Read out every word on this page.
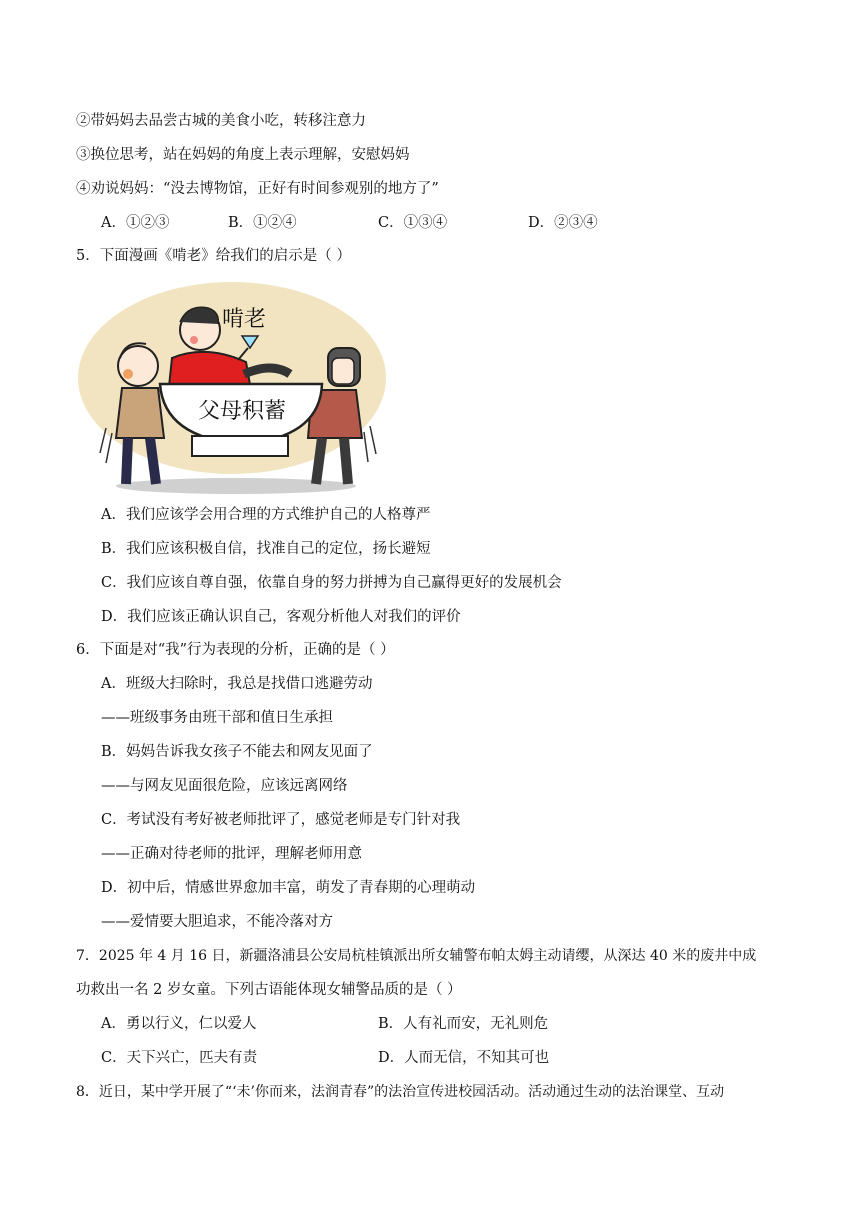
②带妈妈去品尝古城的美食小吃，转移注意力
③换位思考，站在妈妈的角度上表示理解，安慰妈妈
④劝说妈妈：“没去博物馆，正好有时间参观别的地方了”
A．①②③	B．①②④	C．①③④	D．②③④
5．下面漫画《啃老》给我们的启示是（ ）
父母积蓄
啃老
A．我们应该学会用合理的方式维护自己的人格尊严
B．我们应该积极自信，找准自己的定位，扬长避短
C．我们应该自尊自强，依靠自身的努力拼搏为自己赢得更好的发展机会
D．我们应该正确认识自己，客观分析他人对我们的评价
6．下面是对“我”行为表现的分析，正确的是（ ）
A．班级大扫除时，我总是找借口逃避劳动
——班级事务由班干部和值日生承担
B．妈妈告诉我女孩子不能去和网友见面了
——与网友见面很危险，应该远离网络
C．考试没有考好被老师批评了，感觉老师是专门针对我
——正确对待老师的批评，理解老师用意
D．初中后，情感世界愈加丰富，萌发了青春期的心理萌动
——爱情要大胆追求，不能冷落对方
7．2025 年 4 月 16 日，新疆洛浦县公安局杭桂镇派出所女辅警布帕太姆主动请缨，从深达 40 米的废井中成
功救出一名 2 岁女童。下列古语能体现女辅警品质的是（ ）
A．勇以行义，仁以爱人	B．人有礼而安，无礼则危
C．天下兴亡，匹夫有责	D．人而无信，不知其可也
8．近日，某中学开展了“‘未’你而来，法润青春”的法治宣传进校园活动。活动通过生动的法治课堂、互动
